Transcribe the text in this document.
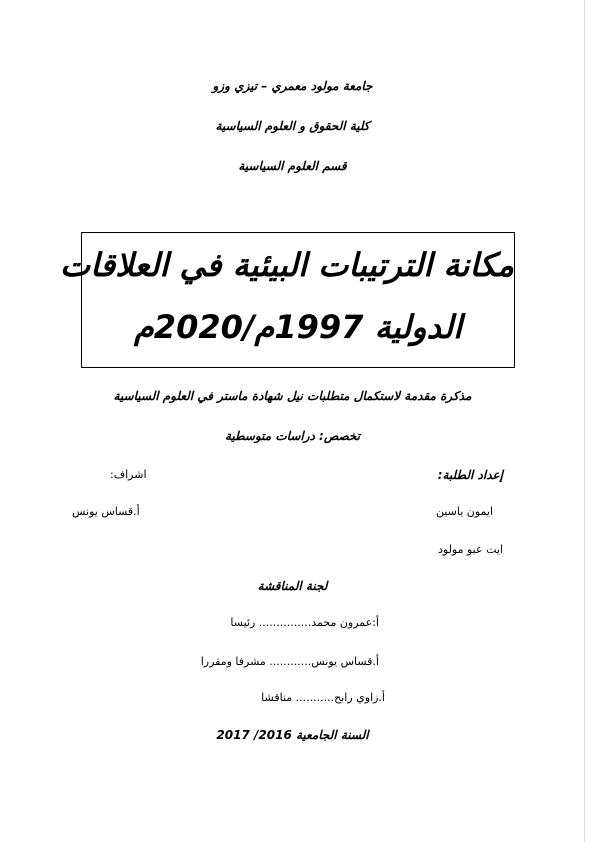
جامعة مولود معمري – تيزي وزو
كلية الحقوق و العلوم السياسية
قسم العلوم السياسية
مكانة الترتيبات البيئية في العلاقات
الدولية 1997م/2020م
مذكرة مقدمة لاستكمال متطلبات نيل شهادة ماستر في العلوم السياسية
تخصص: دراسات متوسطية
إعداد الطلبة:
اشراف:
ايمون ياسين
أ.قساس يونس
ايت عبو مولود
لجنة المناقشة
أ:عمرون محمد............... رئيسا
أ.قساس يونس............ مشرفا ومقررا
أ.زاوي رابح........... مناقشا
السنة الجامعية 2016/ 2017
